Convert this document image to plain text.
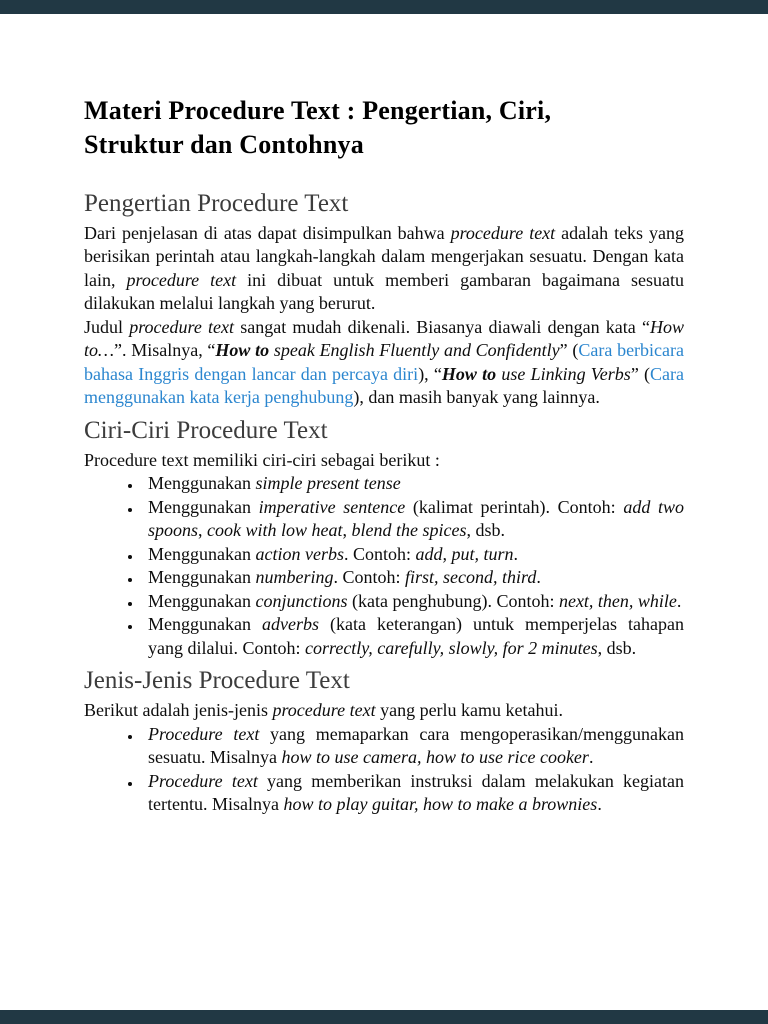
Materi Procedure Text : Pengertian, Ciri,
Struktur dan Contohnya
Pengertian Procedure Text

Dari penjelasan di atas dapat disimpulkan bahwa procedure text adalah teks yang berisikan perintah atau langkah-langkah dalam mengerjakan sesuatu. Dengan kata lain, procedure text ini dibuat untuk memberi gambaran bagaimana sesuatu dilakukan melalui langkah yang berurut.

Judul procedure text sangat mudah dikenali. Biasanya diawali dengan kata “How to…”. Misalnya, “How to speak English Fluently and Confidently” (Cara berbicara bahasa Inggris dengan lancar dan percaya diri), “How to use Linking Verbs” (Cara menggunakan kata kerja penghubung), dan masih banyak yang lainnya.

Ciri-Ciri Procedure Text

Procedure text memiliki ciri-ciri sebagai berikut :

• Menggunakan simple present tense
• Menggunakan imperative sentence (kalimat perintah). Contoh: add two spoons, cook with low heat, blend the spices, dsb.
• Menggunakan action verbs. Contoh: add, put, turn.
• Menggunakan numbering. Contoh: first, second, third.
• Menggunakan conjunctions (kata penghubung). Contoh: next, then, while.
• Menggunakan adverbs (kata keterangan) untuk memperjelas tahapan yang dilalui. Contoh: correctly, carefully, slowly, for 2 minutes, dsb.
Jenis-Jenis Procedure Text

Berikut adalah jenis-jenis procedure text yang perlu kamu ketahui.

• Procedure text yang memaparkan cara mengoperasikan/menggunakan sesuatu. Misalnya how to use camera, how to use rice cooker.
• Procedure text yang memberikan instruksi dalam melakukan kegiatan tertentu. Misalnya how to play guitar, how to make a brownies.
